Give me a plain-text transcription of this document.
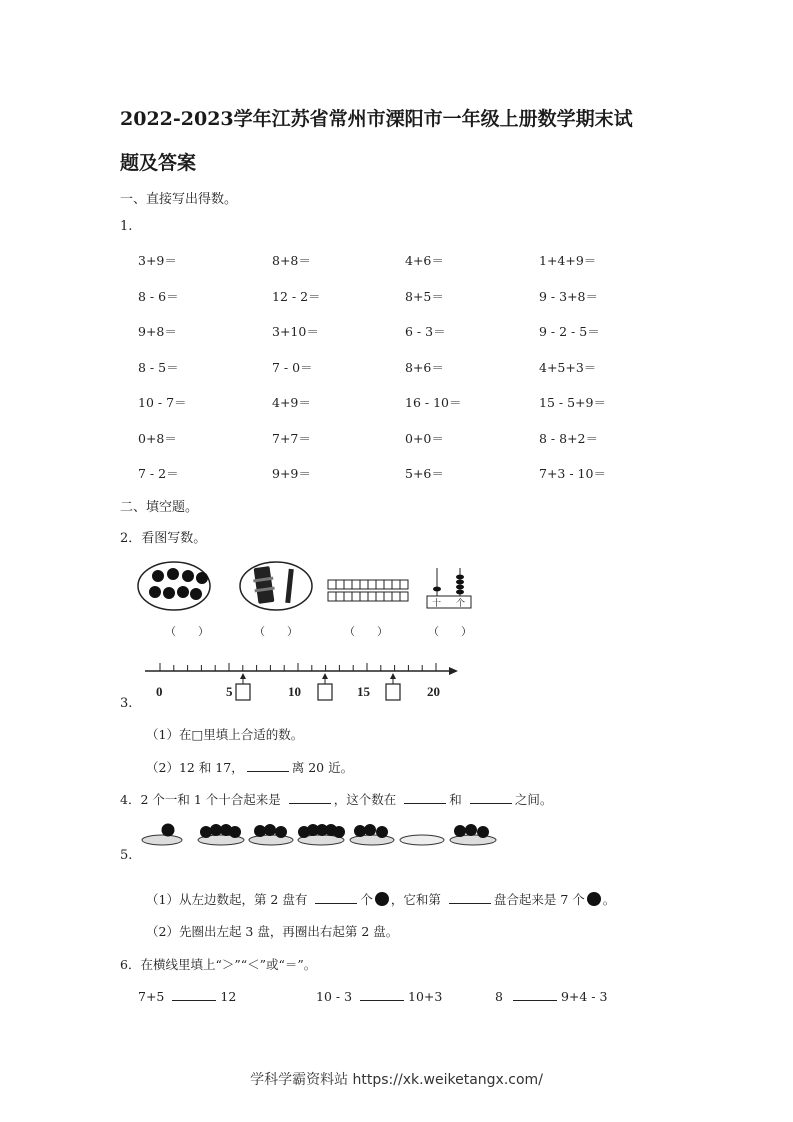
2022-2023学年江苏省常州市溧阳市一年级上册数学期末试
题及答案
一、直接写出得数。
1.
3+9＝	8+8＝	4+6＝	1+4+9＝
8 - 6＝	12 - 2＝	8+5＝	9 - 3+8＝
9+8＝	3+10＝	6 - 3＝	9 - 2 - 5＝
8 - 5＝	7 - 0＝	8+6＝	4+5+3＝
10 - 7＝	4+9＝	16 - 10＝	15 - 5+9＝
0+8＝	7+7＝	0+0＝	8 - 8+2＝
7 - 2＝	9+9＝	5+6＝	7+3 - 10＝
二、填空题。
2．看图写数。
十 个
（　　）	（　　）	（　　）	（　　）
0	5	10	15	20
3.
（1）在□里填上合适的数。
（2）12 和 17，	离 20 近。
4．2 个一和 1 个十合起来是	，这个数在	和	之间。
5.
（1）从左边数起，第 2 盘有	个 ，它和第	盘合起来是 7 个 。
（2）先圈出左起 3 盘，再圈出右起第 2 盘。
6．在横线里填上“＞”“＜”或“＝”。
7+5	12	10 - 3	10+3	8	9+4 - 3
学科学霸资料站 https://xk.weiketangx.com/
